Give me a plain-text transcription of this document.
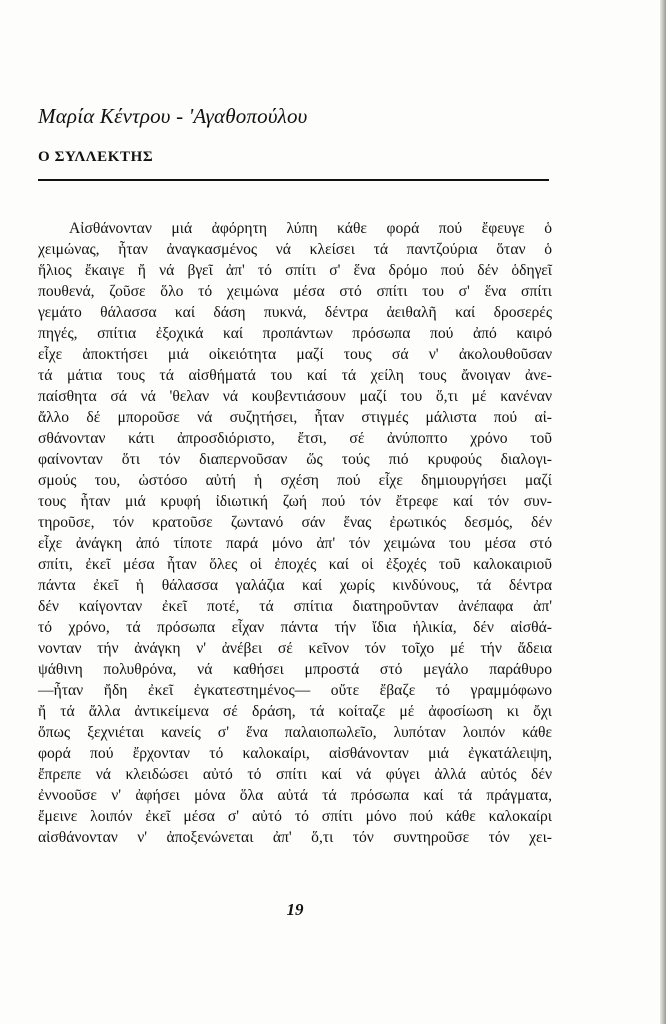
Μαρία Κέντρου - 'Αγαθοπούλου
Ο ΣΥΛΛΕΚΤΗΣ
Αἰσθάνονταν μιά ἀφόρητη λύπη κάθε φορά πού ἔφευγε ὁ
χειμώνας, ἦταν ἀναγκασμένος νά κλείσει τά παντζούρια ὅταν ὁ
ἥλιος ἔκαιγε ἤ νά βγεῖ ἀπ' τό σπίτι σ' ἕνα δρόμο πού δέν ὁδηγεῖ
πουθενά, ζοῦσε ὅλο τό χειμώνα μέσα στό σπίτι του σ' ἕνα σπίτι
γεμάτο θάλασσα καί δάση πυκνά, δέντρα ἀειθαλῆ καί δροσερές
πηγές, σπίτια ἐξοχικά καί προπάντων πρόσωπα πού ἀπό καιρό
εἶχε ἀποκτήσει μιά οἰκειότητα μαζί τους σά ν' ἀκολουθοῦσαν
τά μάτια τους τά αἰσθήματά του καί τά χείλη τους ἄνοιγαν ἀνε-
παίσθητα σά νά 'θελαν νά κουβεντιάσουν μαζί του ὅ,τι μέ κανέναν
ἄλλο δέ μποροῦσε νά συζητήσει, ἦταν στιγμές μάλιστα πού αἰ-
σθάνονταν κάτι ἀπροσδιόριστο, ἔτσι, σέ ἀνύποπτο χρόνο τοῦ
φαίνονταν ὅτι τόν διαπερνοῦσαν ὥς τούς πιό κρυφούς διαλογι-
σμούς του, ὡστόσο αὐτή ἡ σχέση πού εἶχε δημιουργήσει μαζί
τους ἦταν μιά κρυφή ἰδιωτική ζωή πού τόν ἔτρεφε καί τόν συν-
τηροῦσε, τόν κρατοῦσε ζωντανό σάν ἕνας ἐρωτικός δεσμός, δέν
εἶχε ἀνάγκη ἀπό τίποτε παρά μόνο ἀπ' τόν χειμώνα του μέσα στό
σπίτι, ἐκεῖ μέσα ἦταν ὅλες οἱ ἐποχές καί οἱ ἐξοχές τοῦ καλοκαιριοῦ
πάντα ἐκεῖ ἡ θάλασσα γαλάζια καί χωρίς κινδύνους, τά δέντρα
δέν καίγονταν ἐκεῖ ποτέ, τά σπίτια διατηροῦνταν ἀνέπαφα ἀπ'
τό χρόνο, τά πρόσωπα εἶχαν πάντα τήν ἴδια ἡλικία, δέν αἰσθά-
νονταν τήν ἀνάγκη ν' ἀνέβει σέ κεῖνον τόν τοῖχο μέ τήν ἄδεια
ψάθινη πολυθρόνα, νά καθήσει μπροστά στό μεγάλο παράθυρο
—ἦταν ἤδη ἐκεῖ ἐγκατεστημένος— οὔτε ἔβαζε τό γραμμόφωνο
ἤ τά ἄλλα ἀντικείμενα σέ δράση, τά κοίταζε μέ ἀφοσίωση κι ὄχι
ὅπως ξεχνιέται κανείς σ' ἕνα παλαιοπωλεῖο, λυπόταν λοιπόν κάθε
φορά πού ἔρχονταν τό καλοκαίρι, αἰσθάνονταν μιά ἐγκατάλειψη,
ἔπρεπε νά κλειδώσει αὐτό τό σπίτι καί νά φύγει ἀλλά αὐτός δέν
ἐννοοῦσε ν' ἀφήσει μόνα ὅλα αὐτά τά πρόσωπα καί τά πράγματα,
ἔμεινε λοιπόν ἐκεῖ μέσα σ' αὐτό τό σπίτι μόνο πού κάθε καλοκαίρι
αἰσθάνονταν ν' ἀποξενώνεται ἀπ' ὅ,τι τόν συντηροῦσε τόν χει-
19
